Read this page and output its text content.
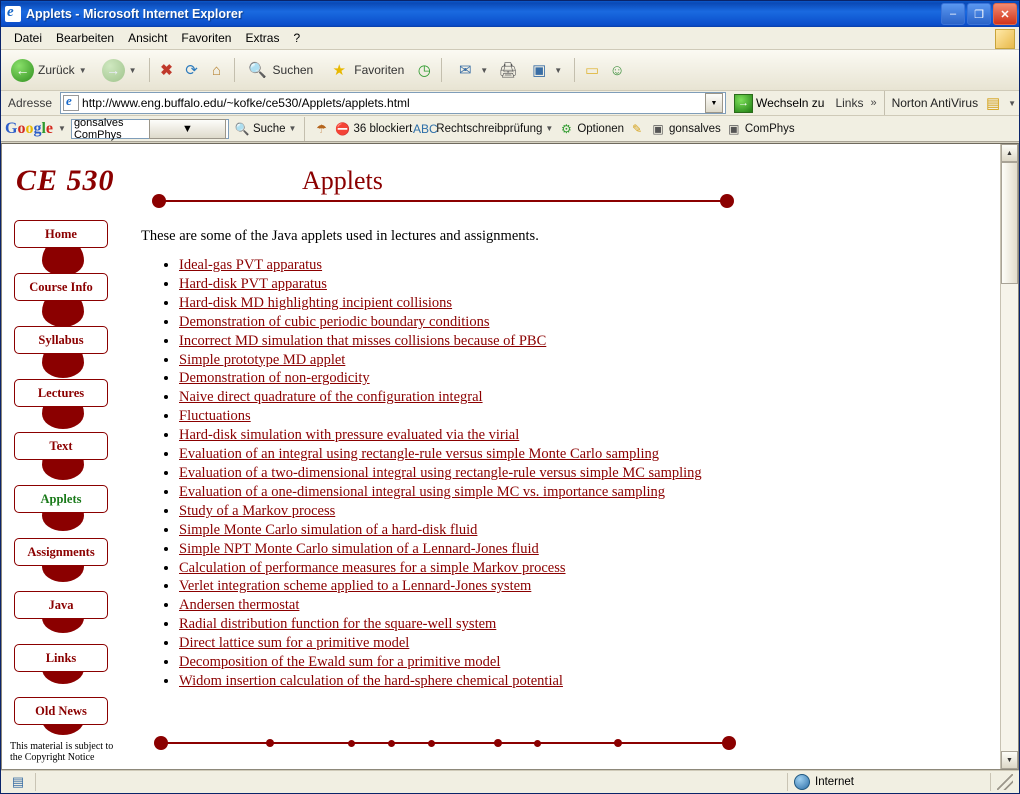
e
Applets - Microsoft Internet Explorer	–	❐	✕
Datei	Bearbeiten	Ansicht	Favoriten	Extras	?
← Zurück ▼	→	▼	✖ ⟳ ⌂	🔍 Suchen ★ Favoriten ◷	✉	▼ 🖨 ▣ ▼ ▭ ☺
Adresse e	http://www.eng.buffalo.edu/~kofke/ce530/Applets/applets.html	▼	→ Wechseln zu Links » Norton AntiVirus ▤ ▼
Google ▼ gonsalves ComPhys	▼	🔍 Suche ▼ ☂ ⛔ 36 blockiert ABC
Rechtschreibprüfung ▼ ⚙ Optionen ✎ ▣ gonsalves ▣ ComPhys
CE 530	Applets
Home
Course Info
Syllabus
Lectures
Text
Applets
Assignments
Java
Links
Old News
This material is subject to the Copyright Notice
These are some of the Java applets used in lectures and assignments.
• Ideal-gas PVT apparatus
• Hard-disk PVT apparatus
• Hard-disk MD highlighting incipient collisions
• Demonstration of cubic periodic boundary conditions
• Incorrect MD simulation that misses collisions because of PBC
• Simple prototype MD applet
• Demonstration of non-ergodicity
• Naive direct quadrature of the configuration integral
• Fluctuations
• Hard-disk simulation with pressure evaluated via the virial
• Evaluation of an integral using rectangle-rule versus simple Monte Carlo sampling
• Evaluation of a two-dimensional integral using rectangle-rule versus simple MC sampling
• Evaluation of a one-dimensional integral using simple MC vs. importance sampling
• Study of a Markov process
• Simple Monte Carlo simulation of a hard-disk fluid
• Simple NPT Monte Carlo simulation of a Lennard-Jones fluid
• Calculation of performance measures for a simple Markov process
• Verlet integration scheme applied to a Lennard-Jones system
• Andersen thermostat
• Radial distribution function for the square-well system
• Direct lattice sum for a primitive model
• Decomposition of the Ewald sum for a primitive model
• Widom insertion calculation of the hard-sphere chemical potential
▲
▼
▤	Internet
